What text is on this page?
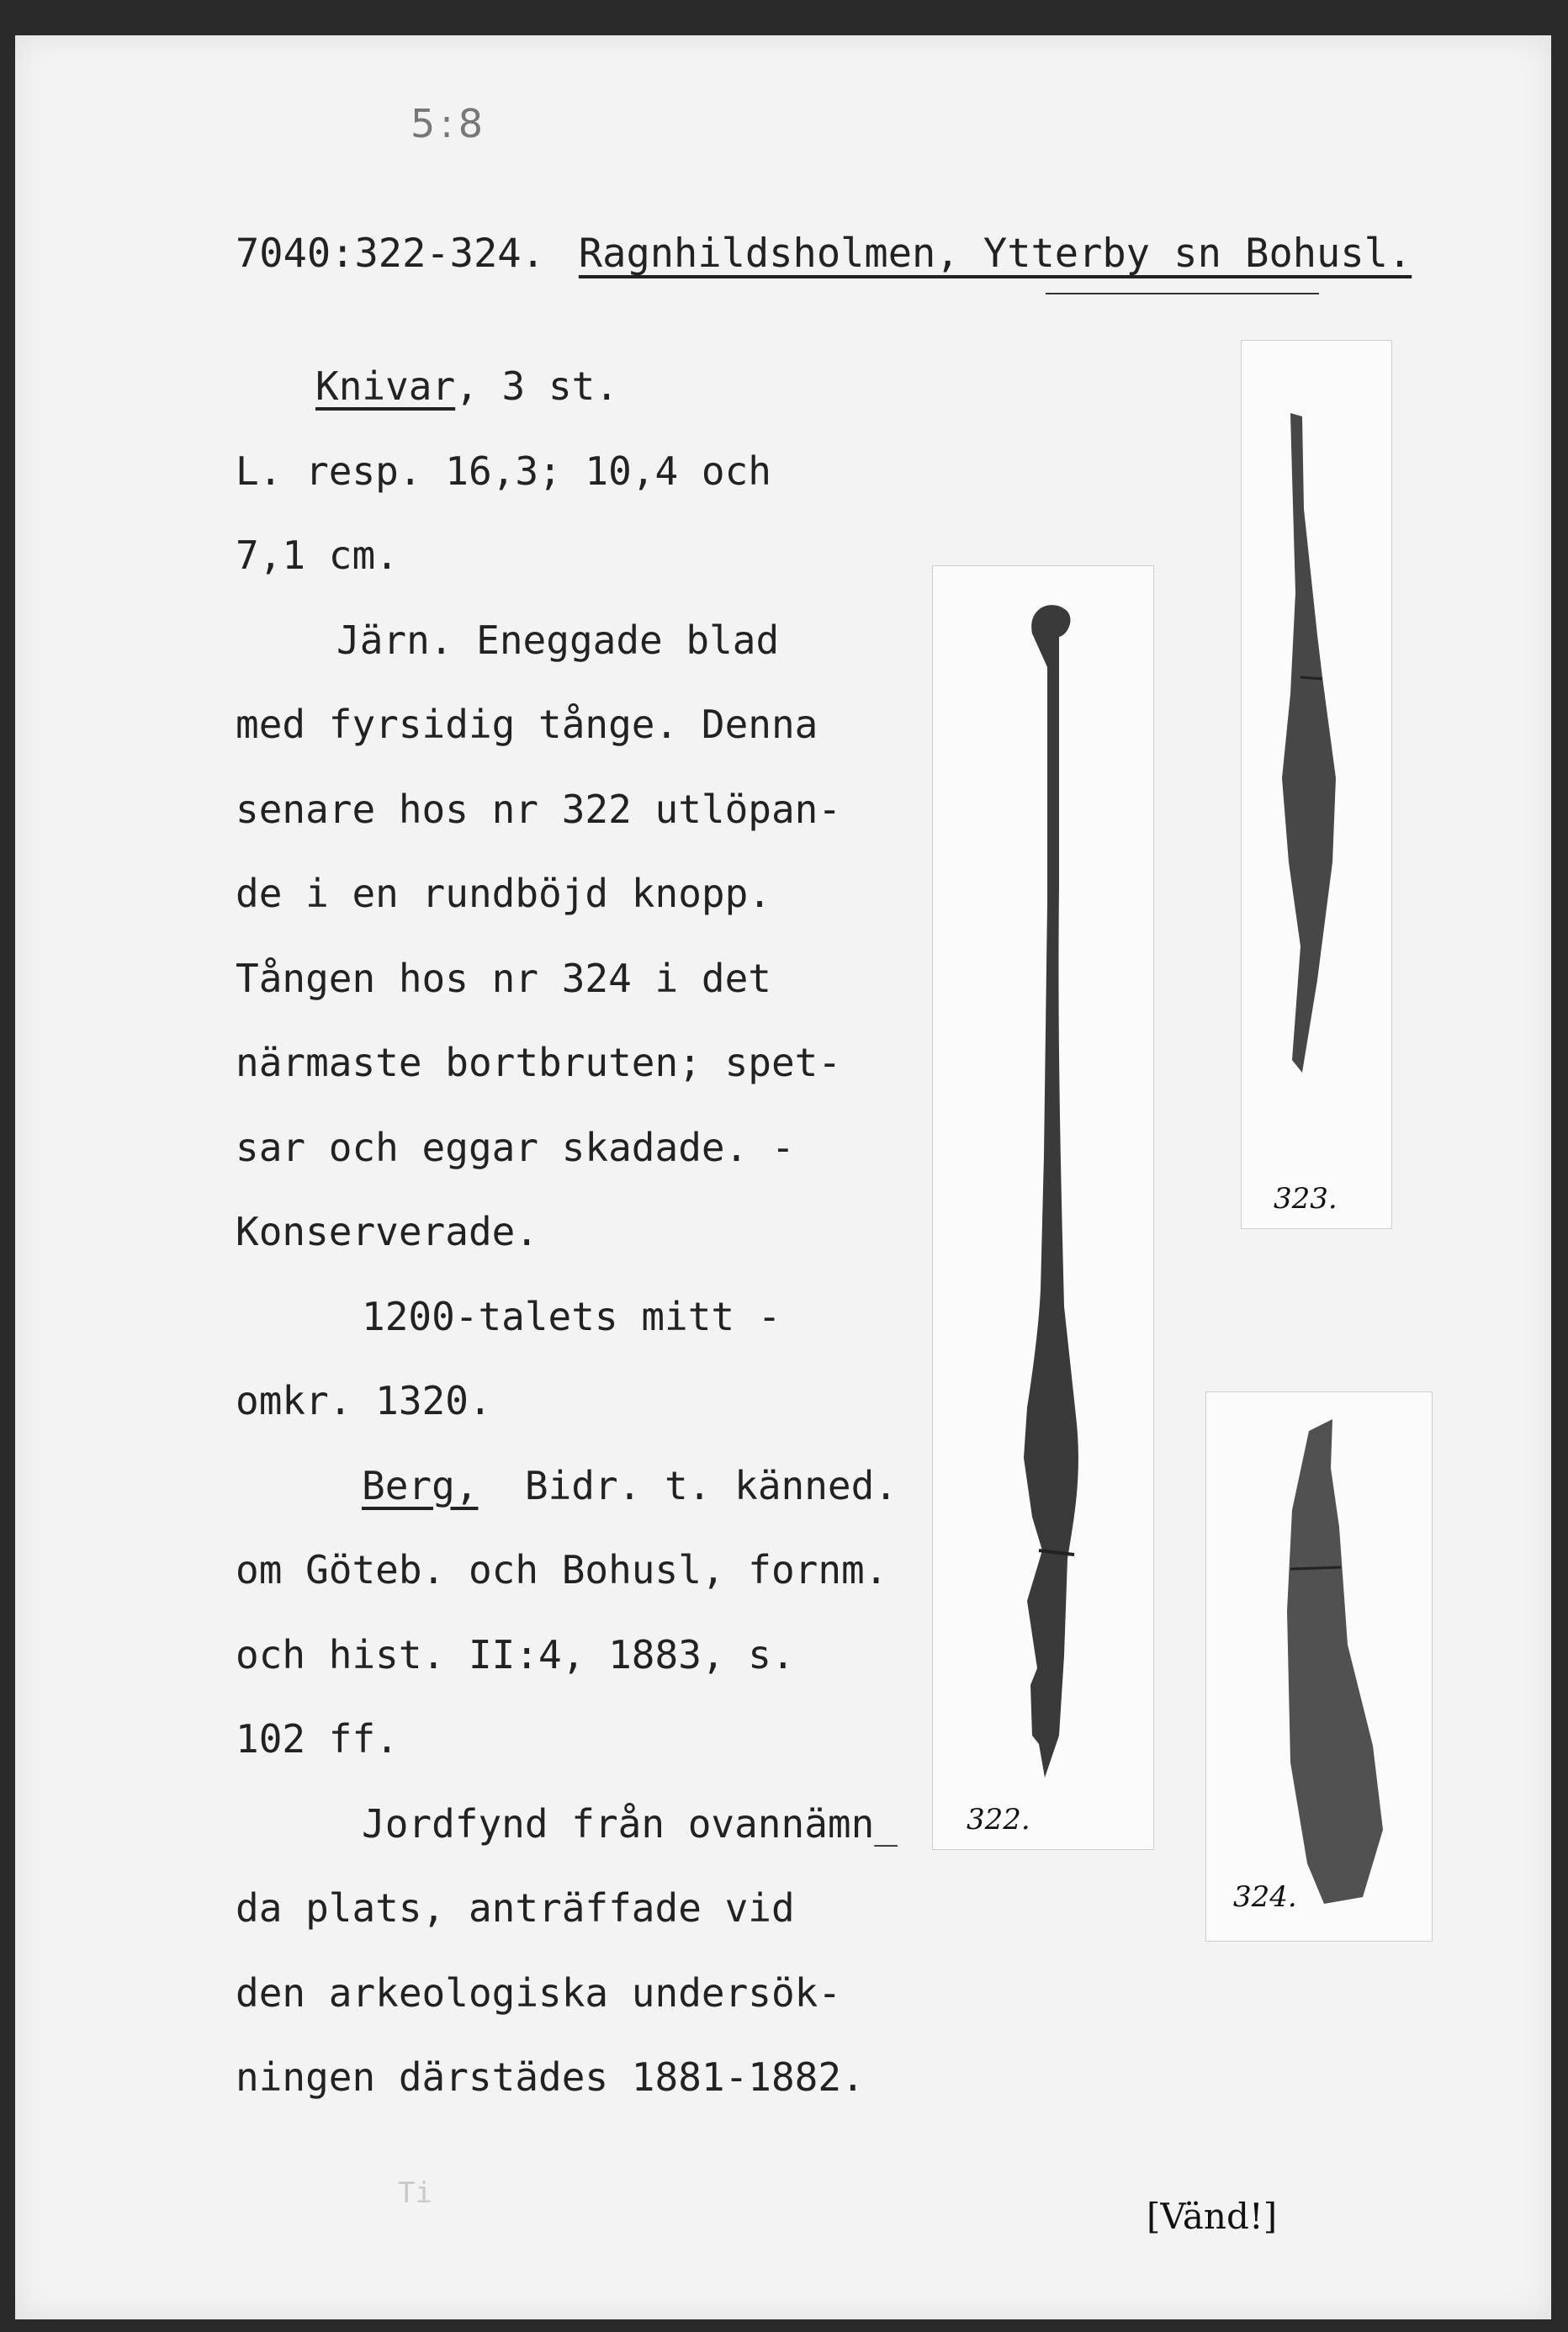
5:8
7040:322-324. Ragnhildsholmen, Ytterby sn Bohusl.
Knivar, 3 st.
L. resp. 16,3; 10,4 och
7,1 cm.
Järn. Eneggade blad
med fyrsidig tånge. Denna
senare hos nr 322 utlöpan-
de i en rundböjd knopp.
Tången hos nr 324 i det
närmaste bortbruten; spet-
sar och eggar skadade. -
Konserverade.
1200-talets mitt -
omkr. 1320.
Berg,  Bidr. t. känned.
om Göteb. och Bohusl, fornm.
och hist. II:4, 1883, s.
102 ff.
Jordfynd från ovannämn_
da plats, anträffade vid
den arkeologiska undersök-
ningen därstädes 1881-1882.
322.
323.
324.
Ti
[Vänd!]
